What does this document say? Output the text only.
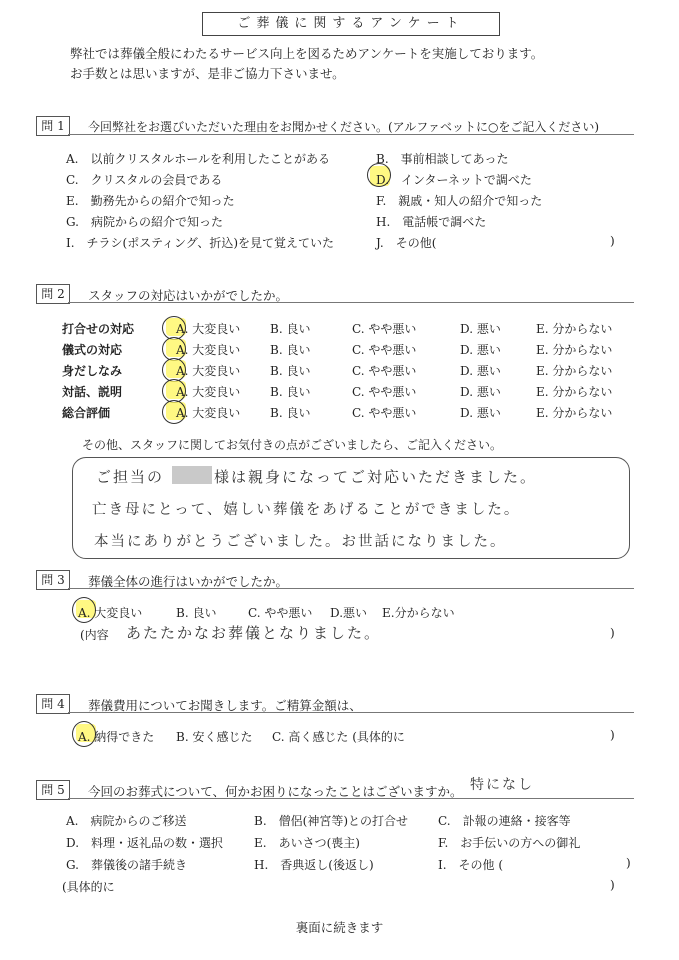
ご葬儀に関するアンケート
弊社では葬儀全般にわたるサービス向上を図るためアンケートを実施しております。
お手数とは思いますが、是非ご協力下さいませ。
問 1	今回弊社をお選びいただいた理由をお聞かせください。(アルファベットに○をご記入ください)
A.　以前クリスタルホールを利用したことがある	B.　事前相談してあった
C.　クリスタルの会員である	D.　インターネットで調べた
E.　勤務先からの紹介で知った	F.　親戚・知人の紹介で知った
G.　病院からの紹介で知った	H.　電話帳で調べた
I.　チラシ(ポスティング、折込)を見て覚えていた	J.　その他(	)
問 2	スタッフの対応はいかがでしたか。
打合せの対応	A. 大変良い B. 良い	C. やや悪い	D. 悪い	E. 分からない
儀式の対応	A. 大変良い B. 良い	C. やや悪い	D. 悪い	E. 分からない
身だしなみ	A. 大変良い B. 良い	C. やや悪い	D. 悪い	E. 分からない
対話、説明	A. 大変良い B. 良い	C. やや悪い	D. 悪い	E. 分からない
総合評価	A. 大変良い B. 良い	C. やや悪い	D. 悪い	E. 分からない
その他、スタッフに関してお気付きの点がございましたら、ご記入ください。
ご担当の	様は親身になってご対応いただきました。
亡き母にとって、嬉しい葬儀をあげることができました。
本当にありがとうございました。お世話になりました。
問 3	葬儀全体の進行はいかがでしたか。
A. 大変良い	B. 良い	C. やや悪い D.悪い E.分からない
(内容 あたたかなお葬儀となりました。	)
問 4	葬儀費用についてお聞きします。ご精算金額は、
A. 納得できた B. 安く感じた C. 高く感じた (具体的に	)
問 5	今回のお葬式について、何かお困りになったことはございますか。 特になし
A.　病院からのご移送	B.　僧侶(神宮等)との打合せ	C.　訃報の連絡・接客等
D.　料理・返礼品の数・選択	E.　あいさつ(喪主)	F.　お手伝いの方への御礼
G.　葬儀後の諸手続き	H.　香典返し(後返し)	I.　その他 (	)
(具体的に	)
裏面に続きます
